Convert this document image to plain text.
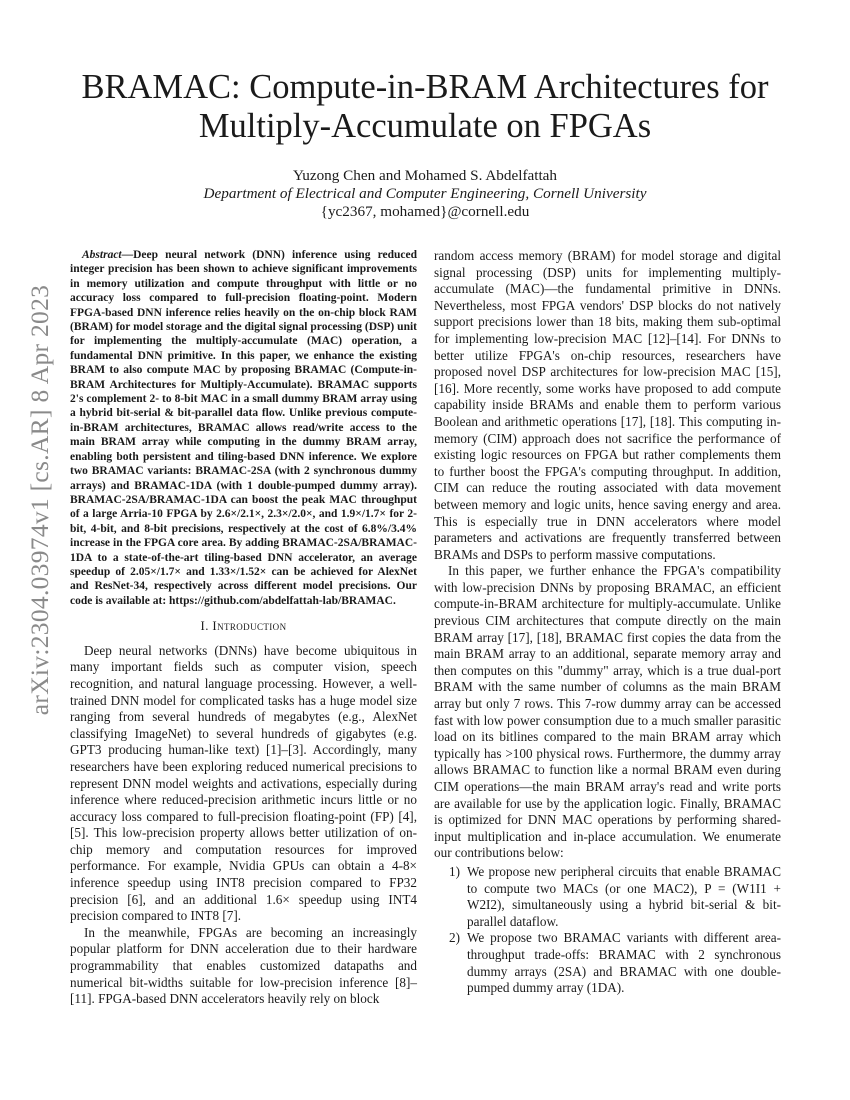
arXiv:2304.03974v1 [cs.AR] 8 Apr 2023
BRAMAC: Compute-in-BRAM Architectures for Multiply-Accumulate on FPGAs
Yuzong Chen and Mohamed S. Abdelfattah
Department of Electrical and Computer Engineering, Cornell University
{yc2367, mohamed}@cornell.edu

Abstract—Deep neural network (DNN) inference using reduced integer precision has been shown to achieve significant improvements in memory utilization and compute throughput with little or no accuracy loss compared to full-precision floating-point. Modern FPGA-based DNN inference relies heavily on the on-chip block RAM (BRAM) for model storage and the digital signal processing (DSP) unit for implementing the multiply-accumulate (MAC) operation, a fundamental DNN primitive. In this paper, we enhance the existing BRAM to also compute MAC by proposing BRAMAC (Compute-in-BRAM Architectures for Multiply-Accumulate). BRAMAC supports 2's complement 2- to 8-bit MAC in a small dummy BRAM array using a hybrid bit-serial & bit-parallel data flow. Unlike previous compute-in-BRAM architectures, BRAMAC allows read/write access to the main BRAM array while computing in the dummy BRAM array, enabling both persistent and tiling-based DNN inference. We explore two BRAMAC variants: BRAMAC-2SA (with 2 synchronous dummy arrays) and BRAMAC-1DA (with 1 double-pumped dummy array). BRAMAC-2SA/BRAMAC-1DA can boost the peak MAC throughput of a large Arria-10 FPGA by 2.6×/2.1×, 2.3×/2.0×, and 1.9×/1.7× for 2-bit, 4-bit, and 8-bit precisions, respectively at the cost of 6.8%/3.4% increase in the FPGA core area. By adding BRAMAC-2SA/BRAMAC-1DA to a state-of-the-art tiling-based DNN accelerator, an average speedup of 2.05×/1.7× and 1.33×/1.52× can be achieved for AlexNet and ResNet-34, respectively across different model precisions. Our code is available at: https://github.com/abdelfattah-lab/BRAMAC.

I. Introduction

Deep neural networks (DNNs) have become ubiquitous in many important fields such as computer vision, speech recognition, and natural language processing. However, a well-trained DNN model for complicated tasks has a huge model size ranging from several hundreds of megabytes (e.g., AlexNet classifying ImageNet) to several hundreds of gigabytes (e.g. GPT3 producing human-like text) [1]–[3]. Accordingly, many researchers have been exploring reduced numerical precisions to represent DNN model weights and activations, especially during inference where reduced-precision arithmetic incurs little or no accuracy loss compared to full-precision floating-point (FP) [4], [5]. This low-precision property allows better utilization of on-chip memory and computation resources for improved performance. For example, Nvidia GPUs can obtain a 4-8× inference speedup using INT8 precision compared to FP32 precision [6], and an additional 1.6× speedup using INT4 precision compared to INT8 [7].

In the meanwhile, FPGAs are becoming an increasingly popular platform for DNN acceleration due to their hardware programmability that enables customized datapaths and numerical bit-widths suitable for low-precision inference [8]–[11]. FPGA-based DNN accelerators heavily rely on block

random access memory (BRAM) for model storage and digital signal processing (DSP) units for implementing multiply-accumulate (MAC)—the fundamental primitive in DNNs. Nevertheless, most FPGA vendors' DSP blocks do not natively support precisions lower than 18 bits, making them sub-optimal for implementing low-precision MAC [12]–[14]. For DNNs to better utilize FPGA's on-chip resources, researchers have proposed novel DSP architectures for low-precision MAC [15], [16]. More recently, some works have proposed to add compute capability inside BRAMs and enable them to perform various Boolean and arithmetic operations [17], [18]. This computing in-memory (CIM) approach does not sacrifice the performance of existing logic resources on FPGA but rather complements them to further boost the FPGA's computing throughput. In addition, CIM can reduce the routing associated with data movement between memory and logic units, hence saving energy and area. This is especially true in DNN accelerators where model parameters and activations are frequently transferred between BRAMs and DSPs to perform massive computations.

In this paper, we further enhance the FPGA's compatibility with low-precision DNNs by proposing BRAMAC, an efficient compute-in-BRAM architecture for multiply-accumulate. Unlike previous CIM architectures that compute directly on the main BRAM array [17], [18], BRAMAC first copies the data from the main BRAM array to an additional, separate memory array and then computes on this "dummy" array, which is a true dual-port BRAM with the same number of columns as the main BRAM array but only 7 rows. This 7-row dummy array can be accessed fast with low power consumption due to a much smaller parasitic load on its bitlines compared to the main BRAM array which typically has >100 physical rows. Furthermore, the dummy array allows BRAMAC to function like a normal BRAM even during CIM operations—the main BRAM array's read and write ports are available for use by the application logic. Finally, BRAMAC is optimized for DNN MAC operations by performing shared-input multiplication and in-place accumulation. We enumerate our contributions below:

1) We propose new peripheral circuits that enable BRAMAC to compute two MACs (or one MAC2), P = (W1I1 + W2I2), simultaneously using a hybrid bit-serial & bit-parallel dataflow.
2) We propose two BRAMAC variants with different area-throughput trade-offs: BRAMAC with 2 synchronous dummy arrays (2SA) and BRAMAC with one double-pumped dummy array (1DA).
